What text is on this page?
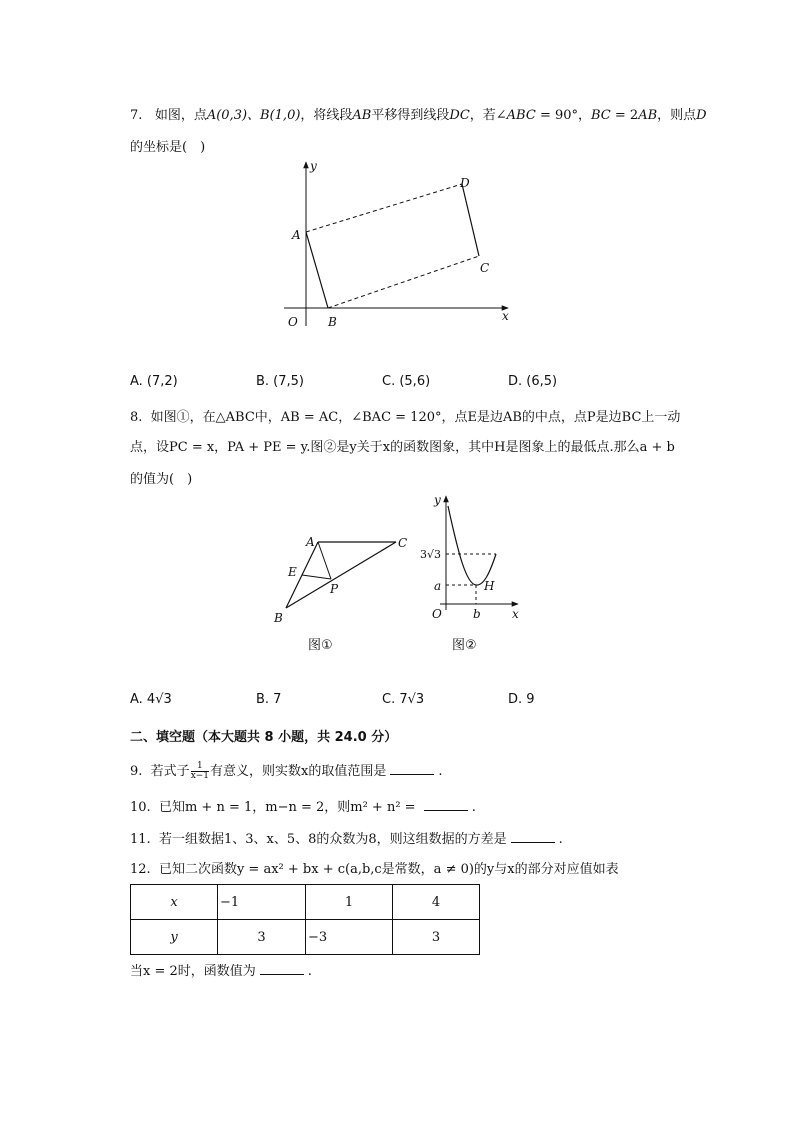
7. 如图，点A(0,3)、B(1,0)，将线段AB平移得到线段DC，若∠ABC = 90°，BC = 2AB，则点D
的坐标是(　)
y
x
O
A
B
C
D
A. (7,2)	B. (7,5)	C. (5,6)	D. (6,5)
8. 如图①，在△ABC中，AB = AC，∠BAC = 120°，点E是边AB的中点，点P是边BC上一动
点，设PC = x，PA + PE = y.图②是y关于x的函数图象，其中H是图象上的最低点.那么a + b
的值为(　)
A
B
C
E
P
图①
y
x
O
3√3
a
b
H
图②
A. 4√3	B. 7	C. 7√3	D. 9
二、填空题（本大题共 8 小题，共 24.0 分）
9. 若式子 $\frac{1}{x-1}$ 有意义，则实数x的取值范围是	.
10. 已知m + n = 1，m−n = 2，则m² + n² =	.
11. 若一组数据1、3、x、5、8的众数为8，则这组数据的方差是	.
12. 已知二次函数y = ax² + bx + c(a,b,c是常数，a ≠ 0)的y与x的部分对应值如表
x	−1	1	4
y	3	−3	3
当x = 2时，函数值为	.
